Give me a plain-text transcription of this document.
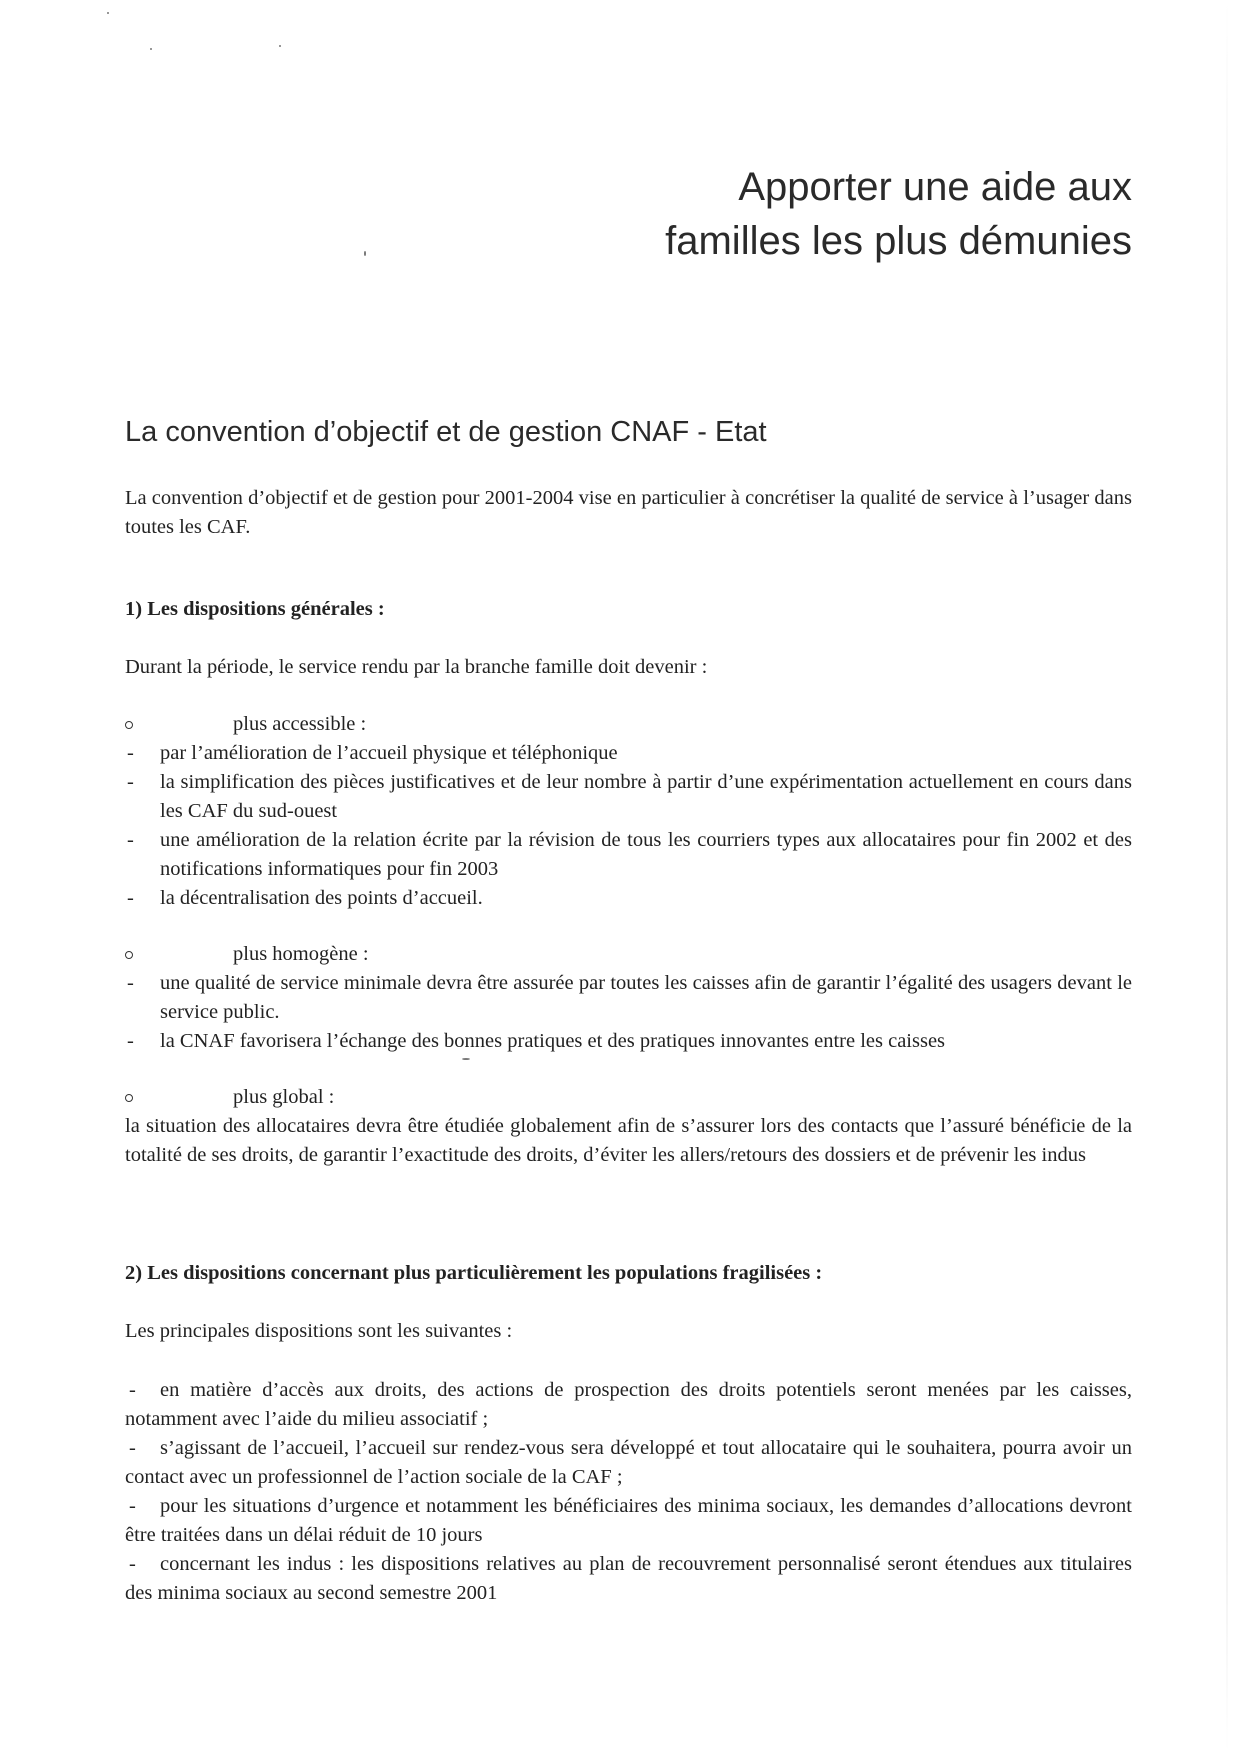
Apporter une aide aux
familles les plus démunies
La convention d’objectif et de gestion CNAF - Etat

La convention d’objectif et de gestion pour 2001-2004 vise en particulier à concrétiser la qualité de service à l’usager dans toutes les CAF.

1) Les dispositions générales :

Durant la période, le service rendu par la branche famille doit devenir :

plus accessible :
- par l’amélioration de l’accueil physique et téléphonique
- la simplification des pièces justificatives et de leur nombre à partir d’une expérimentation actuellement en cours dans les CAF du sud-ouest
- une amélioration de la relation écrite par la révision de tous les courriers types aux allocataires pour fin 2002 et des notifications informatiques pour fin 2003
- la décentralisation des points d’accueil.
plus homogène :
- une qualité de service minimale devra être assurée par toutes les caisses afin de garantir l’égalité des usagers devant le service public.
- la CNAF favorisera l’échange des bonnes pratiques et des pratiques innovantes entre les caisses
plus global :

la situation des allocataires devra être étudiée globalement afin de s’assurer lors des contacts que l’assuré bénéficie de la totalité de ses droits, de garantir l’exactitude des droits, d’éviter les allers/retours des dossiers et de prévenir les indus

2) Les dispositions concernant plus particulièrement les populations fragilisées :

Les principales dispositions sont les suivantes :

- en matière d’accès aux droits, des actions de prospection des droits potentiels seront menées par les caisses, notamment avec l’aide du milieu associatif ;

- s’agissant de l’accueil, l’accueil sur rendez-vous sera développé et tout allocataire qui le souhaitera, pourra avoir un contact avec un professionnel de l’action sociale de la CAF ;

- pour les situations d’urgence et notamment les bénéficiaires des minima sociaux, les demandes d’allocations devront être traitées dans un délai réduit de 10 jours

- concernant les indus : les dispositions relatives au plan de recouvrement personnalisé seront étendues aux titulaires des minima sociaux au second semestre 2001
